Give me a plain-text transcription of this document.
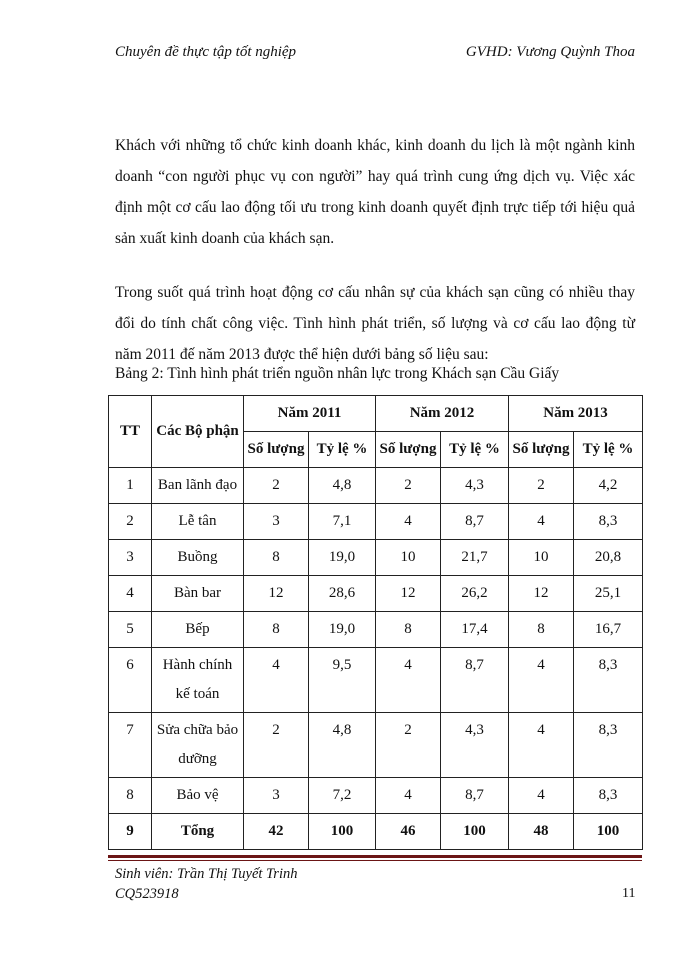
Chuyên đề thực tập tốt nghiệp	GVHD: Vương Quỳnh Thoa

Khách với những tổ chức kinh doanh khác, kinh doanh du lịch là một ngành kinh doanh “con người phục vụ con người” hay quá trình cung ứng dịch vụ. Việc xác định một cơ cấu lao động tối ưu trong kinh doanh quyết định trực tiếp tới hiệu quả sản xuất kinh doanh của khách sạn.

Trong suốt quá trình hoạt động cơ cấu nhân sự của khách sạn cũng có nhiều thay đổi do tính chất công việc. Tình hình phát triển, số lượng và cơ cấu lao động từ năm 2011 đế năm 2013 được thể hiện dưới bảng số liệu sau:

Bảng 2: Tình hình phát triển nguồn nhân lực trong Khách sạn Cầu Giấy
TT	Các Bộ phận	Năm 2011		Năm 2012		Năm 2013	
		Số lượng	Tỷ lệ %	Số lượng	Tỷ lệ %	Số lượng	Tỷ lệ %
1	Ban lãnh đạo	2	4,8	2	4,3	2	4,2
2	Lễ tân	3	7,1	4	8,7	4	8,3
3	Buồng	8	19,0	10	21,7	10	20,8
4	Bàn bar	12	28,6	12	26,2	12	25,1
5	Bếp	8	19,0	8	17,4	8	16,7
6	Hành chính kế toán	4	9,5	4	8,7	4	8,3
7	Sửa chữa bảo dưỡng	2	4,8	2	4,3	4	8,3
8	Bảo vệ	3	7,2	4	8,7	4	8,3
9	Tổng	42	100	46	100	48	100
Sinh viên: Trần Thị Tuyết Trinh
CQ523918	11
